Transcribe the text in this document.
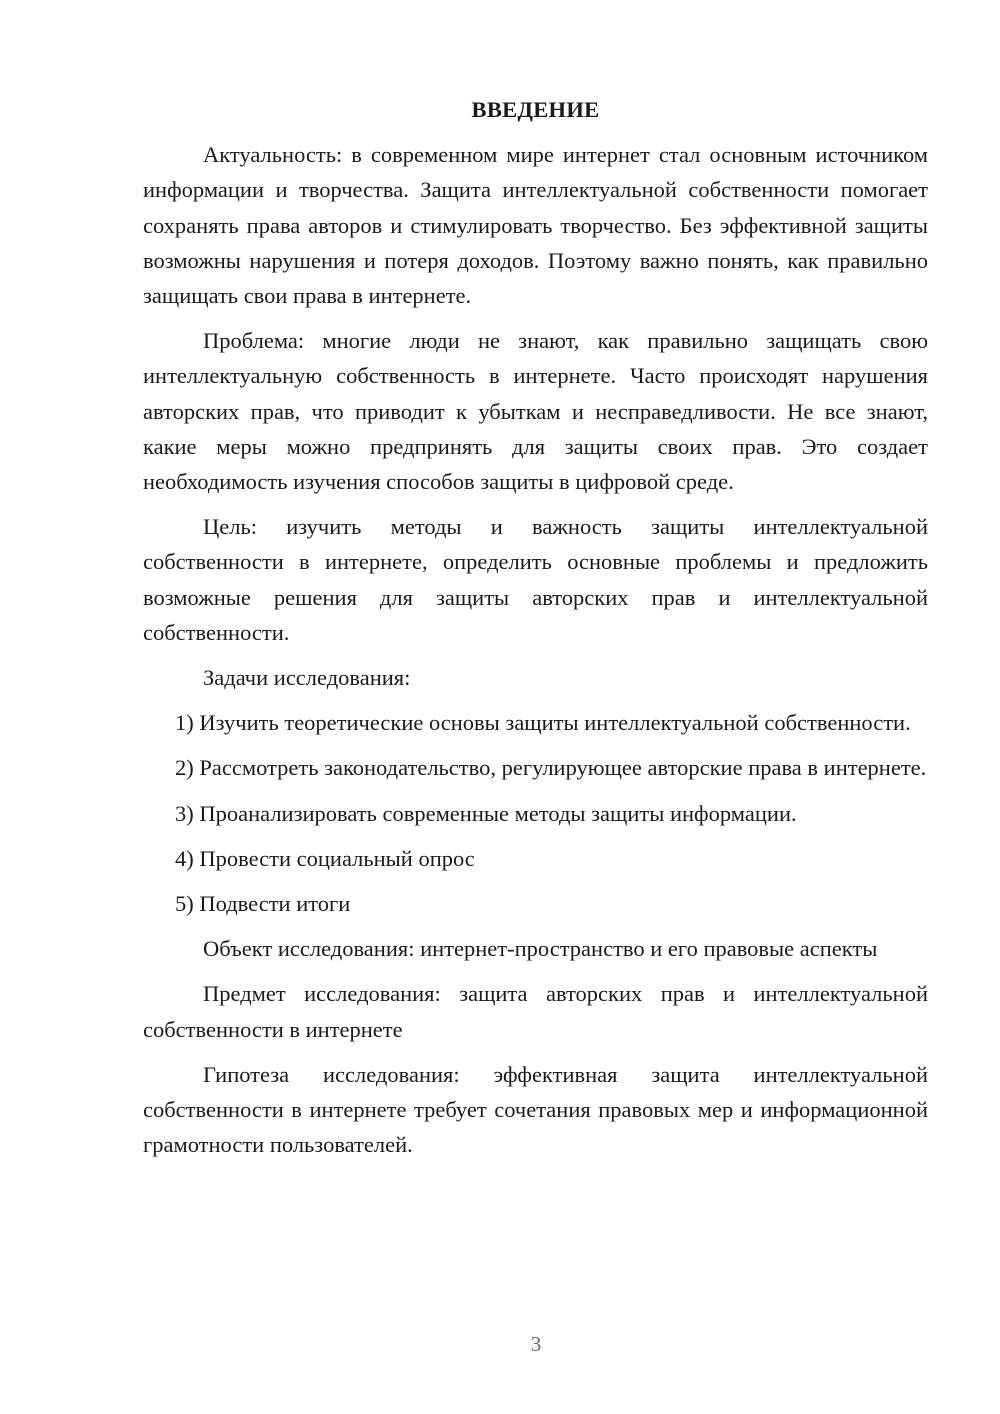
ВВЕДЕНИЕ

Актуальность: в современном мире интернет стал основным источником информации и творчества. Защита интеллектуальной собственности помогает сохранять права авторов и стимулировать творчество. Без эффективной защиты возможны нарушения и потеря доходов. Поэтому важно понять, как правильно защищать свои права в интернете.

Проблема: многие люди не знают, как правильно защищать свою интеллектуальную собственность в интернете. Часто происходят нарушения авторских прав, что приводит к убыткам и несправедливости. Не все знают, какие меры можно предпринять для защиты своих прав. Это создает необходимость изучения способов защиты в цифровой среде.

Цель: изучить методы и важность защиты интеллектуальной собственности в интернете, определить основные проблемы и предложить возможные решения для защиты авторских прав и интеллектуальной собственности.

Задачи исследования:

1) Изучить теоретические основы защиты интеллектуальной собственности.

2) Рассмотреть законодательство, регулирующее авторские права в интернете.

3) Проанализировать современные методы защиты информации.

4) Провести социальный опрос

5) Подвести итоги

Объект исследования: интернет-пространство и его правовые аспекты

Предмет исследования: защита авторских прав и интеллектуальной собственности в интернете

Гипотеза исследования: эффективная защита интеллектуальной собственности в интернете требует сочетания правовых мер и информационной грамотности пользователей.

3
